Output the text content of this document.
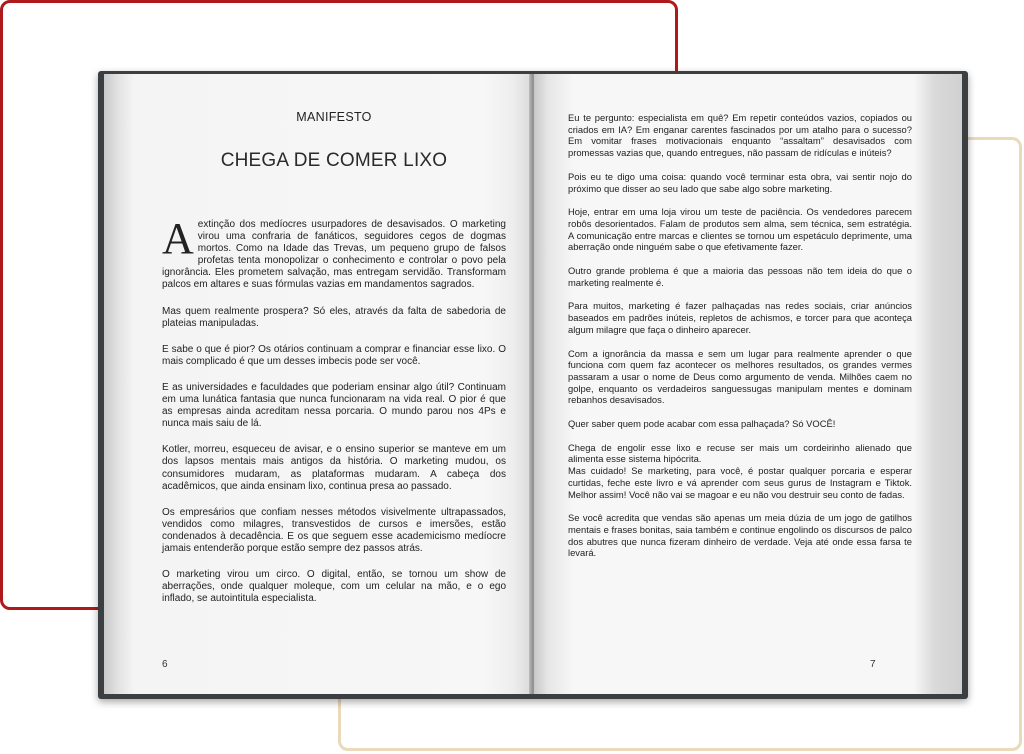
MANIFESTO
CHEGA DE COMER LIXO

Aextinção dos medíocres usurpadores de desavisados. O marketing virou uma confraria de fanáticos, seguidores cegos de dogmas mortos. Como na Idade das Trevas, um pequeno grupo de falsos profetas tenta monopolizar o conhecimento e controlar o povo pela ignorância. Eles prometem salvação, mas entregam servidão. Transformam palcos em altares e suas fórmulas vazias em mandamentos sagrados.

Mas quem realmente prospera? Só eles, através da falta de sabedoria de plateias manipuladas.

E sabe o que é pior? Os otários continuam a comprar e financiar esse lixo. O mais complicado é que um desses imbecis pode ser você.

E as universidades e faculdades que poderiam ensinar algo útil? Continuam em uma lunática fantasia que nunca funcionaram na vida real. O pior é que as empresas ainda acreditam nessa porcaria. O mundo parou nos 4Ps e nunca mais saiu de lá.

Kotler, morreu, esqueceu de avisar, e o ensino superior se manteve em um dos lapsos mentais mais antigos da história. O marketing mudou, os consumidores mudaram, as plataformas mudaram. A cabeça dos acadêmicos, que ainda ensinam lixo, continua presa ao passado.

Os empresários que confiam nesses métodos visivelmente ultrapassados, vendidos como milagres, transvestidos de cursos e imersões, estão condenados à decadência. E os que seguem esse academicismo medíocre jamais entenderão porque estão sempre dez passos atrás.

O marketing virou um circo. O digital, então, se tornou um show de aberrações, onde qualquer moleque, com um celular na mão, e o ego inflado, se autointitula especialista.

6

Eu te pergunto: especialista em quê? Em repetir conteúdos vazios, copiados ou criados em IA? Em enganar carentes fascinados por um atalho para o sucesso? Em vomitar frases motivacionais enquanto “assaltam” desavisados com promessas vazias que, quando entregues, não passam de ridículas e inúteis?

Pois eu te digo uma coisa: quando você terminar esta obra, vai sentir nojo do próximo que disser ao seu lado que sabe algo sobre marketing.

Hoje, entrar em uma loja virou um teste de paciência. Os vendedores parecem robôs desorientados. Falam de produtos sem alma, sem técnica, sem estratégia. A comunicação entre marcas e clientes se tornou um espetáculo deprimente, uma aberração onde ninguém sabe o que efetivamente fazer.

Outro grande problema é que a maioria das pessoas não tem ideia do que o marketing realmente é.

Para muitos, marketing é fazer palhaçadas nas redes sociais, criar anúncios baseados em padrões inúteis, repletos de achismos, e torcer para que aconteça algum milagre que faça o dinheiro aparecer.

Com a ignorância da massa e sem um lugar para realmente aprender o que funciona com quem faz acontecer os melhores resultados, os grandes vermes passaram a usar o nome de Deus como argumento de venda. Milhões caem no golpe, enquanto os verdadeiros sanguessugas manipulam mentes e dominam rebanhos desavisados.

Quer saber quem pode acabar com essa palhaçada? Só VOCÊ!

Chega de engolir esse lixo e recuse ser mais um cordeirinho alienado que alimenta esse sistema hipócrita.
Mas cuidado! Se marketing, para você, é postar qualquer porcaria e esperar curtidas, feche este livro e vá aprender com seus gurus de Instagram e Tiktok. Melhor assim! Você não vai se magoar e eu não vou destruir seu conto de fadas.

Se você acredita que vendas são apenas um meia dúzia de um jogo de gatilhos mentais e frases bonitas, saia também e continue engolindo os discursos de palco dos abutres que nunca fizeram dinheiro de verdade. Veja até onde essa farsa te levará.

7
